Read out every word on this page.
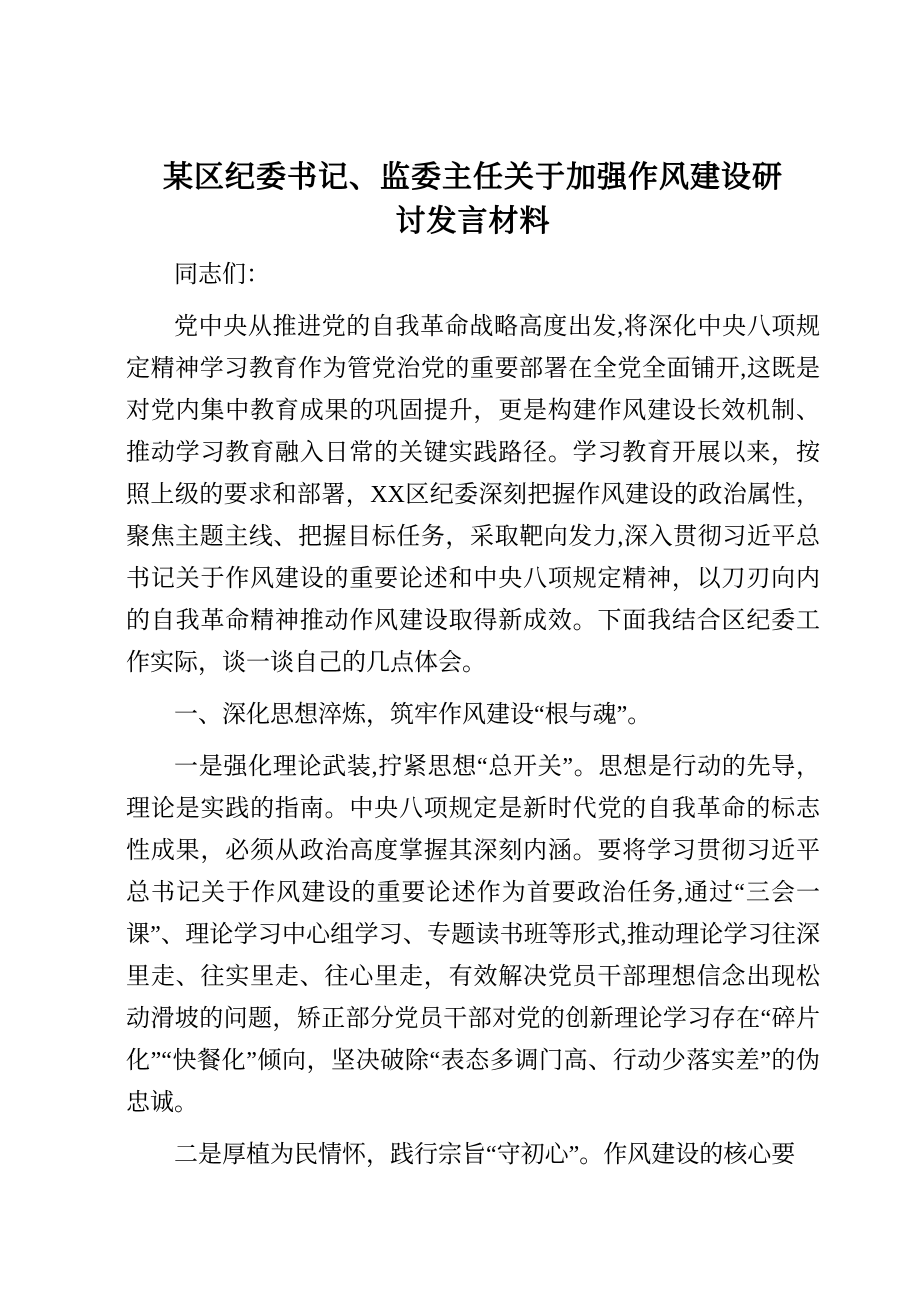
某区纪委书记、监委主任关于加强作风建设研
讨发言材料

同志们：

党中央从推进党的自我革命战略高度出发,将深化中央八项规定精神学习教育作为管党治党的重要部署在全党全面铺开,这既是对党内集中教育成果的巩固提升，更是构建作风建设长效机制、推动学习教育融入日常的关键实践路径。学习教育开展以来，按照上级的要求和部署，XX区纪委深刻把握作风建设的政治属性，聚焦主题主线、把握目标任务，采取靶向发力,深入贯彻习近平总书记关于作风建设的重要论述和中央八项规定精神，以刀刃向内的自我革命精神推动作风建设取得新成效。下面我结合区纪委工作实际，谈一谈自己的几点体会。

一、深化思想淬炼，筑牢作风建设“根与魂”。

一是强化理论武装,拧紧思想“总开关”。思想是行动的先导，理论是实践的指南。中央八项规定是新时代党的自我革命的标志性成果，必须从政治高度掌握其深刻内涵。要将学习贯彻习近平总书记关于作风建设的重要论述作为首要政治任务,通过“三会一课”、理论学习中心组学习、专题读书班等形式,推动理论学习往深里走、往实里走、往心里走，有效解决党员干部理想信念出现松动滑坡的问题，矫正部分党员干部对党的创新理论学习存在“碎片化”“快餐化”倾向，坚决破除“表态多调门高、行动少落实差”的伪忠诚。

二是厚植为民情怀，践行宗旨“守初心”。作风建设的核心要
